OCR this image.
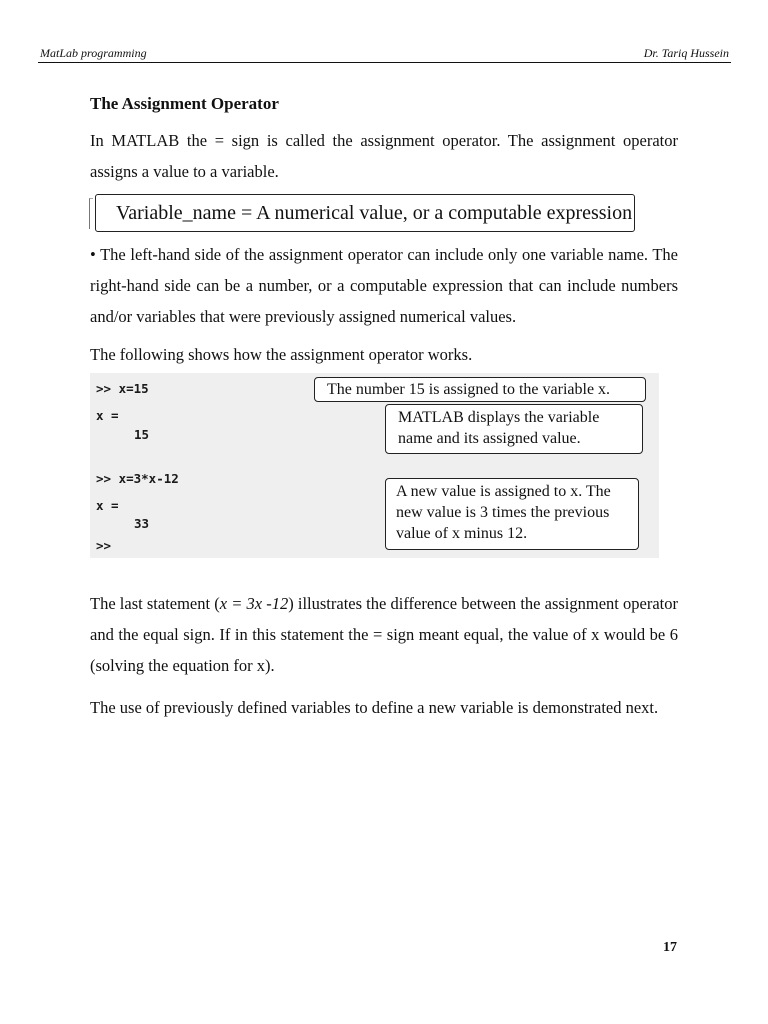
MatLab programming	Dr. Tariq Hussein

The Assignment Operator

In MATLAB the = sign is called the assignment operator. The assignment operator assigns a value to a variable.

Variable_name = A numerical value, or a computable expression

• The left-hand side of the assignment operator can include only one variable name. The right-hand side can be a number, or a computable expression that can include numbers and/or variables that were previously assigned numerical values.

The following shows how the assignment operator works.

>> x=15
x =
15
>> x=3*x-12
x =
33
>>
The number 15 is assigned to the variable x.
MATLAB displays the variable name and its assigned value.
A new value is assigned to x. The new value is 3 times the previous value of x minus 12.

The last statement (x = 3x -12) illustrates the difference between the assignment operator and the equal sign. If in this statement the = sign meant equal, the value of x would be 6 (solving the equation for x).

The use of previously defined variables to define a new variable is demonstrated next.

17
